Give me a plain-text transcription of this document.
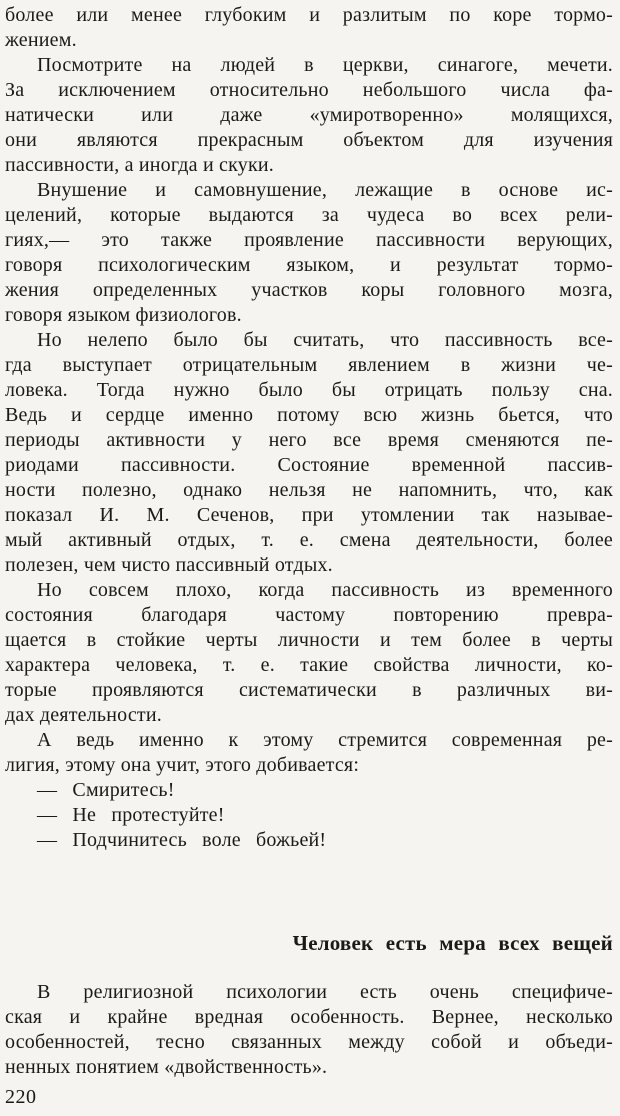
более или менее глубоким и разлитым по коре тормо-
жением.
Посмотрите на людей в церкви, синагоге, мечети.
За исключением относительно небольшого числа фа-
натически или даже «умиротворенно» молящихся,
они являются прекрасным объектом для изучения
пассивности, а иногда и скуки.
Внушение и самовнушение, лежащие в основе ис-
целений, которые выдаются за чудеса во всех рели-
гиях,— это также проявление пассивности верующих,
говоря психологическим языком, и результат тормо-
жения определенных участков коры головного мозга,
говоря языком физиологов.
Но нелепо было бы считать, что пассивность все-
гда выступает отрицательным явлением в жизни че-
ловека. Тогда нужно было бы отрицать пользу сна.
Ведь и сердце именно потому всю жизнь бьется, что
периоды активности у него все время сменяются пе-
риодами пассивности. Состояние временной пассив-
ности полезно, однако нельзя не напомнить, что, как
показал И. М. Сеченов, при утомлении так называе-
мый активный отдых, т. е. смена деятельности, более
полезен, чем чисто пассивный отдых.
Но совсем плохо, когда пассивность из временного
состояния благодаря частому повторению превра-
щается в стойкие черты личности и тем более в черты
характера человека, т. е. такие свойства личности, ко-
торые проявляются систематически в различных ви-
дах деятельности.
А ведь именно к этому стремится современная ре-
лигия, этому она учит, этого добивается:
— Смиритесь!
— Не протестуйте!
— Подчинитесь воле божьей!
Человек есть мера всех вещей
В религиозной психологии есть очень специфиче-
ская и крайне вредная особенность. Вернее, несколько
особенностей, тесно связанных между собой и объеди-
ненных понятием «двойственность».
220
